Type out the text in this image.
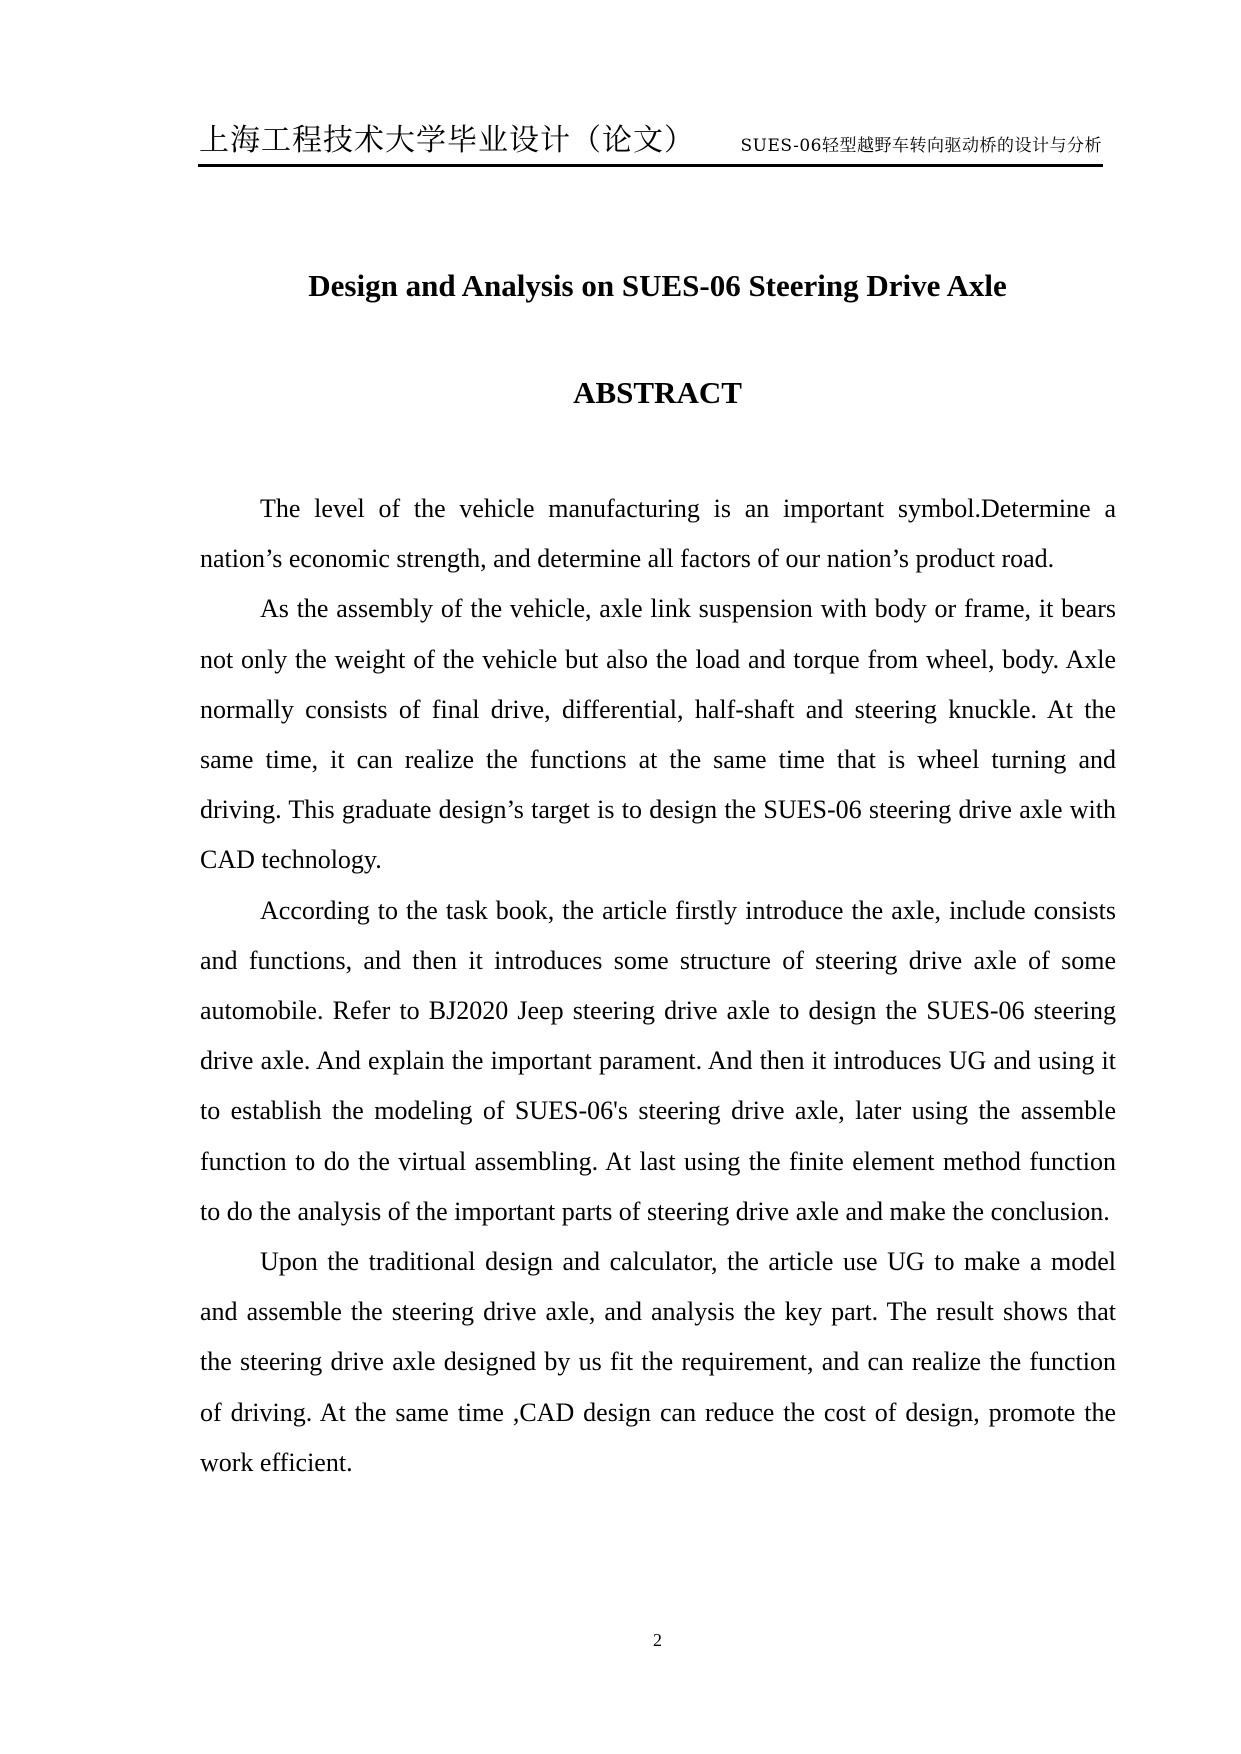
上海工程技术大学毕业设计（论文）	SUES-06轻型越野车转向驱动桥的设计与分析
Design and Analysis on SUES-06 Steering Drive Axle
ABSTRACT

The level of the vehicle manufacturing is an important symbol.Determine a nation’s economic strength, and determine all factors of our nation’s product road.

As the assembly of the vehicle, axle link suspension with body or frame, it bears not only the weight of the vehicle but also the load and torque from wheel, body. Axle normally consists of final drive, differential, half-shaft and steering knuckle. At the same time, it can realize the functions at the same time that is wheel turning and driving. This graduate design’s target is to design the SUES-06 steering drive axle with CAD technology.

According to the task book, the article firstly introduce the axle, include consists and functions, and then it introduces some structure of steering drive axle of some automobile. Refer to BJ2020 Jeep steering drive axle to design the SUES-06 steering drive axle. And explain the important parament. And then it introduces UG and using it to establish the modeling of SUES-06's steering drive axle, later using the assemble function to do the virtual assembling. At last using the finite element method function to do the analysis of the important parts of steering drive axle and make the conclusion.

Upon the traditional design and calculator, the article use UG to make a model and assemble the steering drive axle, and analysis the key part. The result shows that the steering drive axle designed by us fit the requirement, and can realize the function of driving. At the same time ,CAD design can reduce the cost of design, promote the work efficient.

2
